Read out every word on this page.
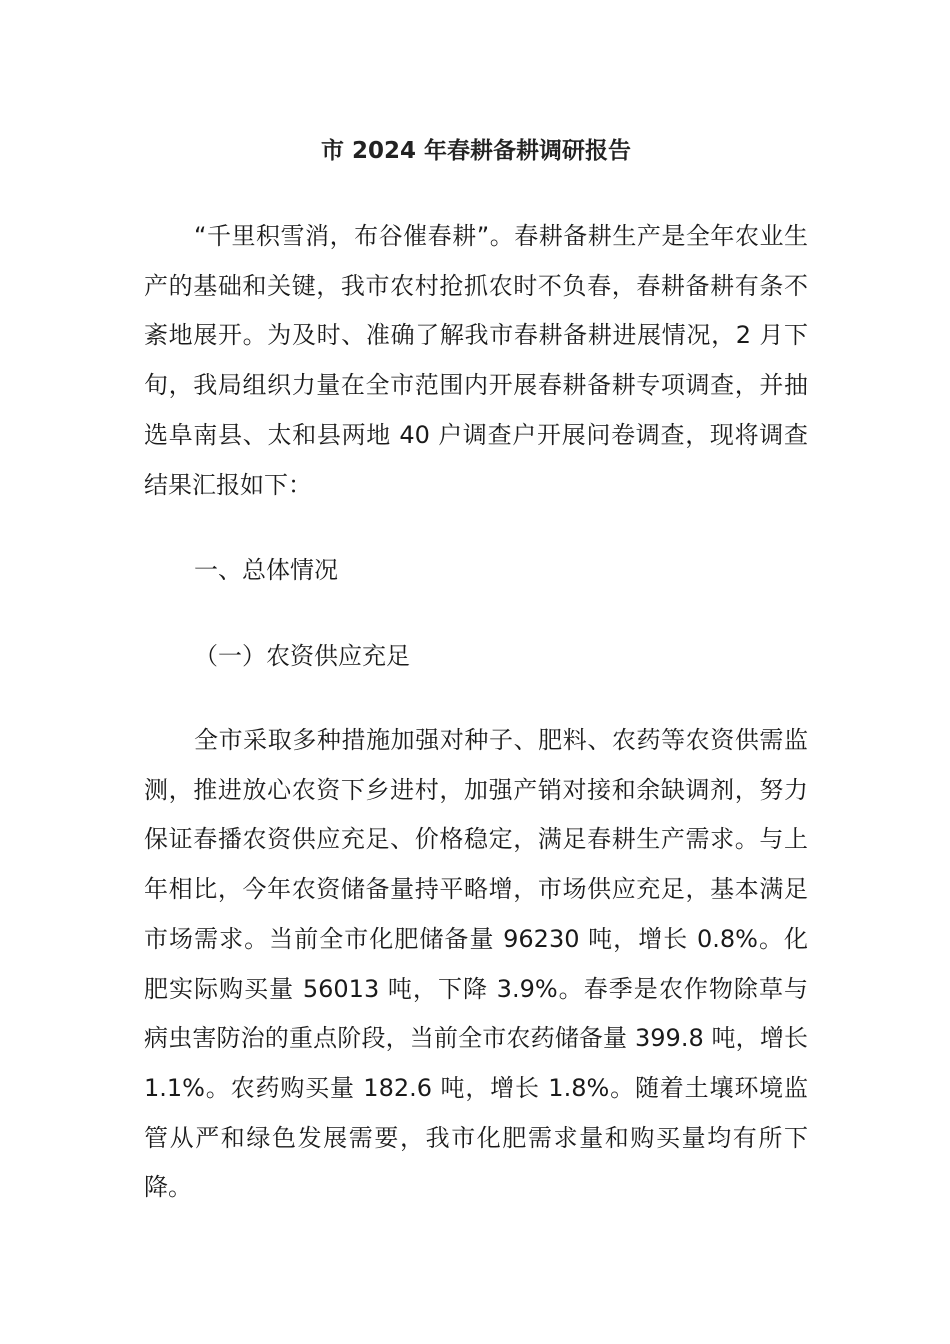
市 2024 年春耕备耕调研报告

“千里积雪消，布谷催春耕”。春耕备耕生产是全年农业生产的基础和关键，我市农村抢抓农时不负春，春耕备耕有条不紊地展开。为及时、准确了解我市春耕备耕进展情况，2 月下旬，我局组织力量在全市范围内开展春耕备耕专项调查，并抽选阜南县、太和县两地 40 户调查户开展问卷调查，现将调查结果汇报如下：

一、总体情况

（一）农资供应充足

全市采取多种措施加强对种子、肥料、农药等农资供需监测，推进放心农资下乡进村，加强产销对接和余缺调剂，努力保证春播农资供应充足、价格稳定，满足春耕生产需求。与上年相比，今年农资储备量持平略增，市场供应充足，基本满足市场需求。当前全市化肥储备量 96230 吨，增长 0.8%。化肥实际购买量 56013 吨，下降 3.9%。春季是农作物除草与病虫害防治的重点阶段，当前全市农药储备量 399.8 吨，增长 1.1%。农药购买量 182.6 吨，增长 1.8%。随着土壤环境监管从严和绿色发展需要，我市化肥需求量和购买量均有所下降。
